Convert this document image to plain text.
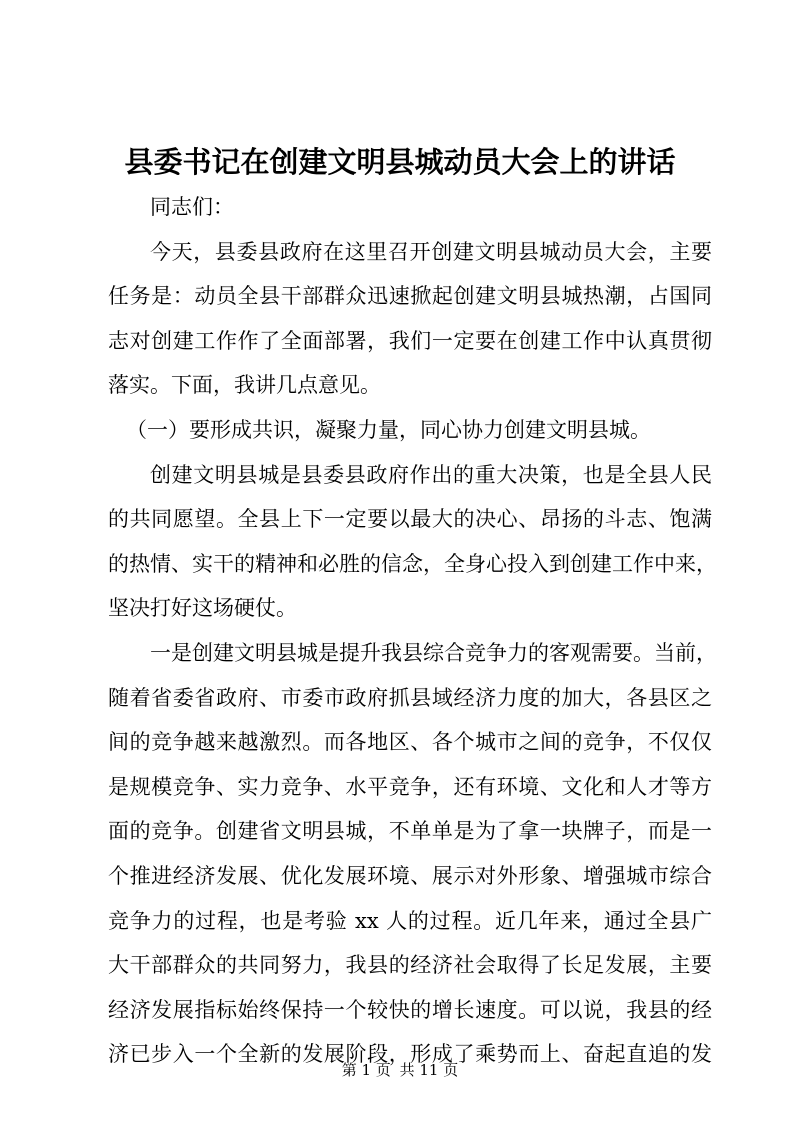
县委书记在创建文明县城动员大会上的讲话
同志们：
今天，县委县政府在这里召开创建文明县城动员大会，主要
任务是：动员全县干部群众迅速掀起创建文明县城热潮，占国同
志对创建工作作了全面部署，我们一定要在创建工作中认真贯彻
落实。下面，我讲几点意见。
（一）要形成共识，凝聚力量，同心协力创建文明县城。
创建文明县城是县委县政府作出的重大决策，也是全县人民
的共同愿望。全县上下一定要以最大的决心、昂扬的斗志、饱满
的热情、实干的精神和必胜的信念，全身心投入到创建工作中来，
坚决打好这场硬仗。
一是创建文明县城是提升我县综合竞争力的客观需要。当前，
随着省委省政府、市委市政府抓县域经济力度的加大，各县区之
间的竞争越来越激烈。而各地区、各个城市之间的竞争，不仅仅
是规模竞争、实力竞争、水平竞争，还有环境、文化和人才等方
面的竞争。创建省文明县城，不单单是为了拿一块牌子，而是一
个推进经济发展、优化发展环境、展示对外形象、增强城市综合
竞争力的过程，也是考验 xx 人的过程。近几年来，通过全县广
大干部群众的共同努力，我县的经济社会取得了长足发展，主要
经济发展指标始终保持一个较快的增长速度。可以说，我县的经
济已步入一个全新的发展阶段，形成了乘势而上、奋起直追的发
第 1 页 共 11 页
